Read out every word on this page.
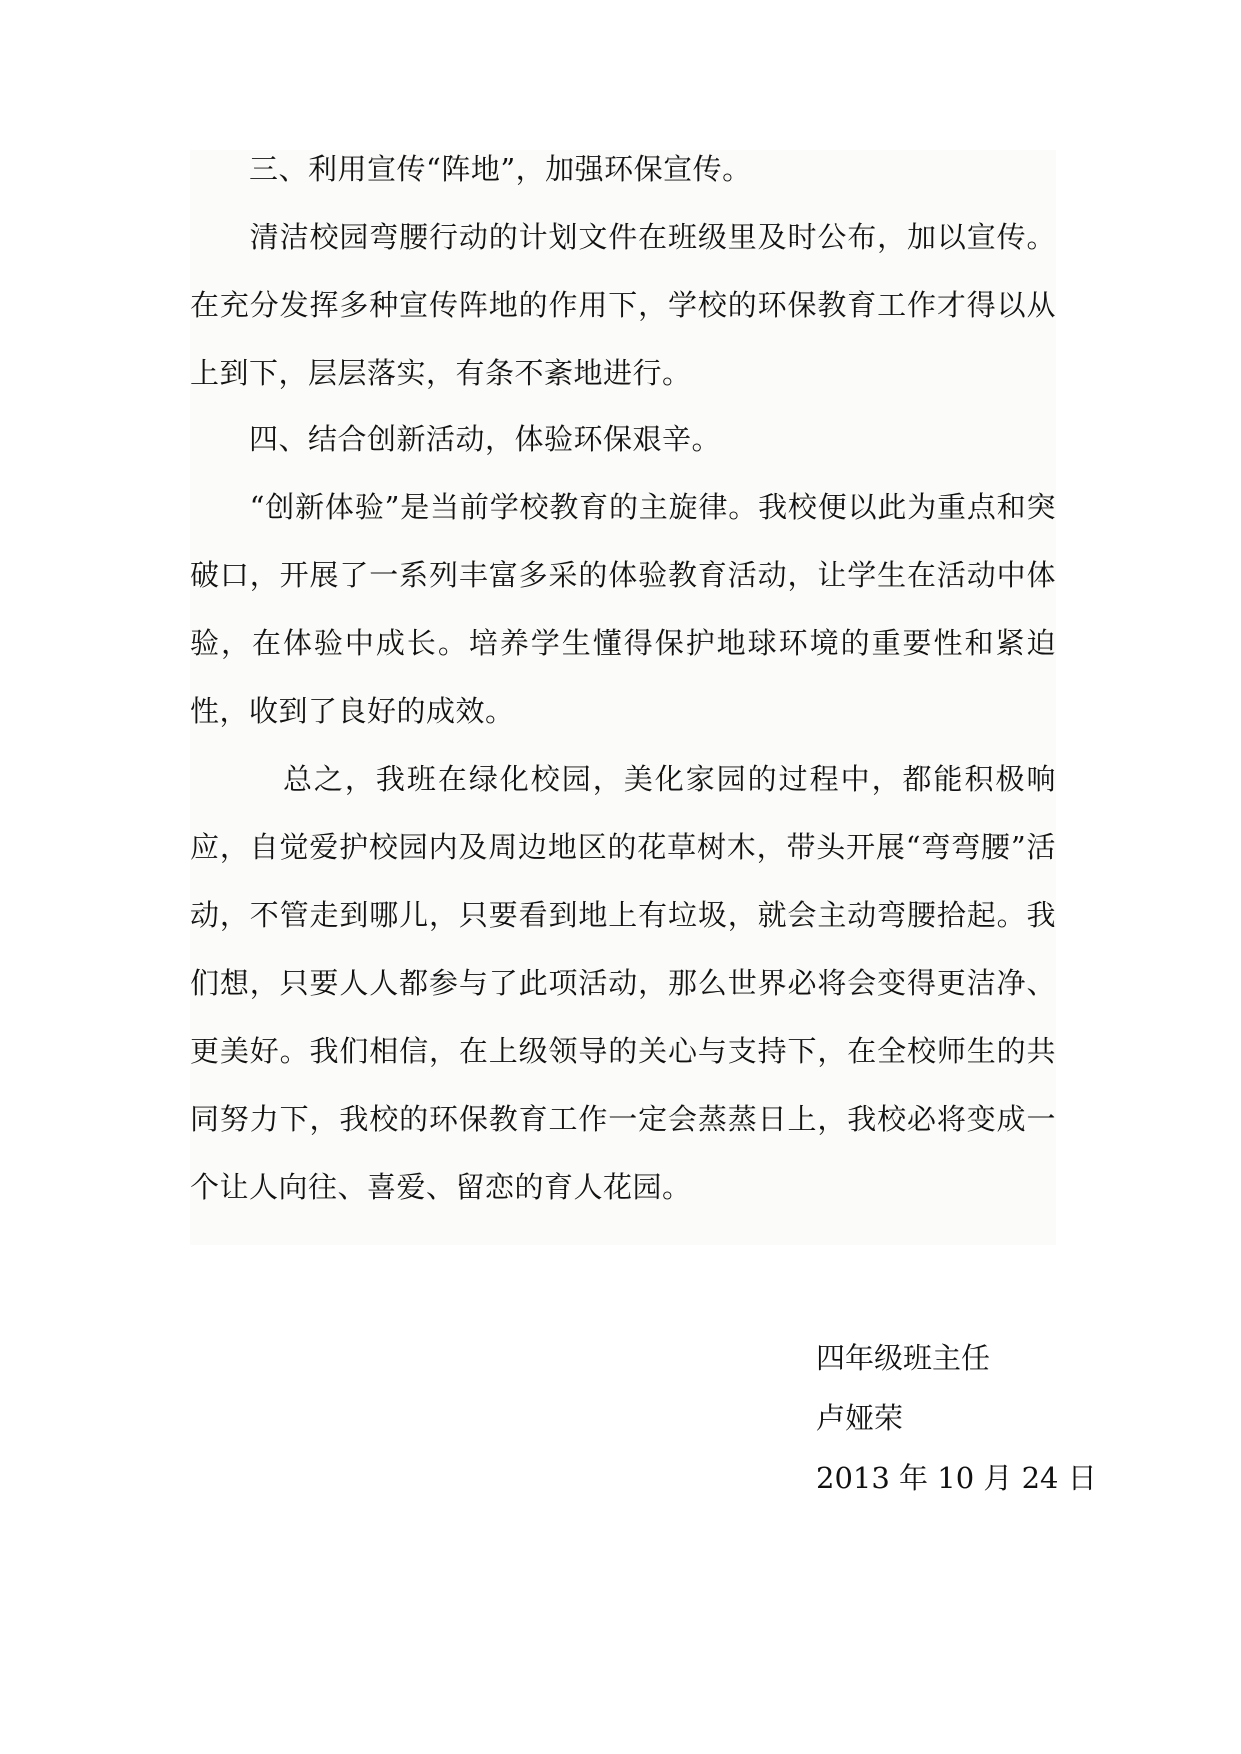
　　三、利用宣传“阵地”，加强环保宣传。

　　清洁校园弯腰行动的计划文件在班级里及时公布，加以宣传。在充分发挥多种宣传阵地的作用下，学校的环保教育工作才得以从上到下，层层落实，有条不紊地进行。

　　四、结合创新活动，体验环保艰辛。

　　“创新体验”是当前学校教育的主旋律。我校便以此为重点和突破口，开展了一系列丰富多采的体验教育活动，让学生在活动中体验，在体验中成长。培养学生懂得保护地球环境的重要性和紧迫性，收到了良好的成效。

　　　总之，我班在绿化校园，美化家园的过程中，都能积极响应，自觉爱护校园内及周边地区的花草树木，带头开展“弯弯腰”活动，不管走到哪儿，只要看到地上有垃圾，就会主动弯腰拾起。我们想，只要人人都参与了此项活动，那么世界必将会变得更洁净、更美好。我们相信，在上级领导的关心与支持下，在全校师生的共同努力下，我校的环保教育工作一定会蒸蒸日上，我校必将变成一个让人向往、喜爱、留恋的育人花园。

四年级班主任
卢娅荣
2013 年 10 月 24 日
